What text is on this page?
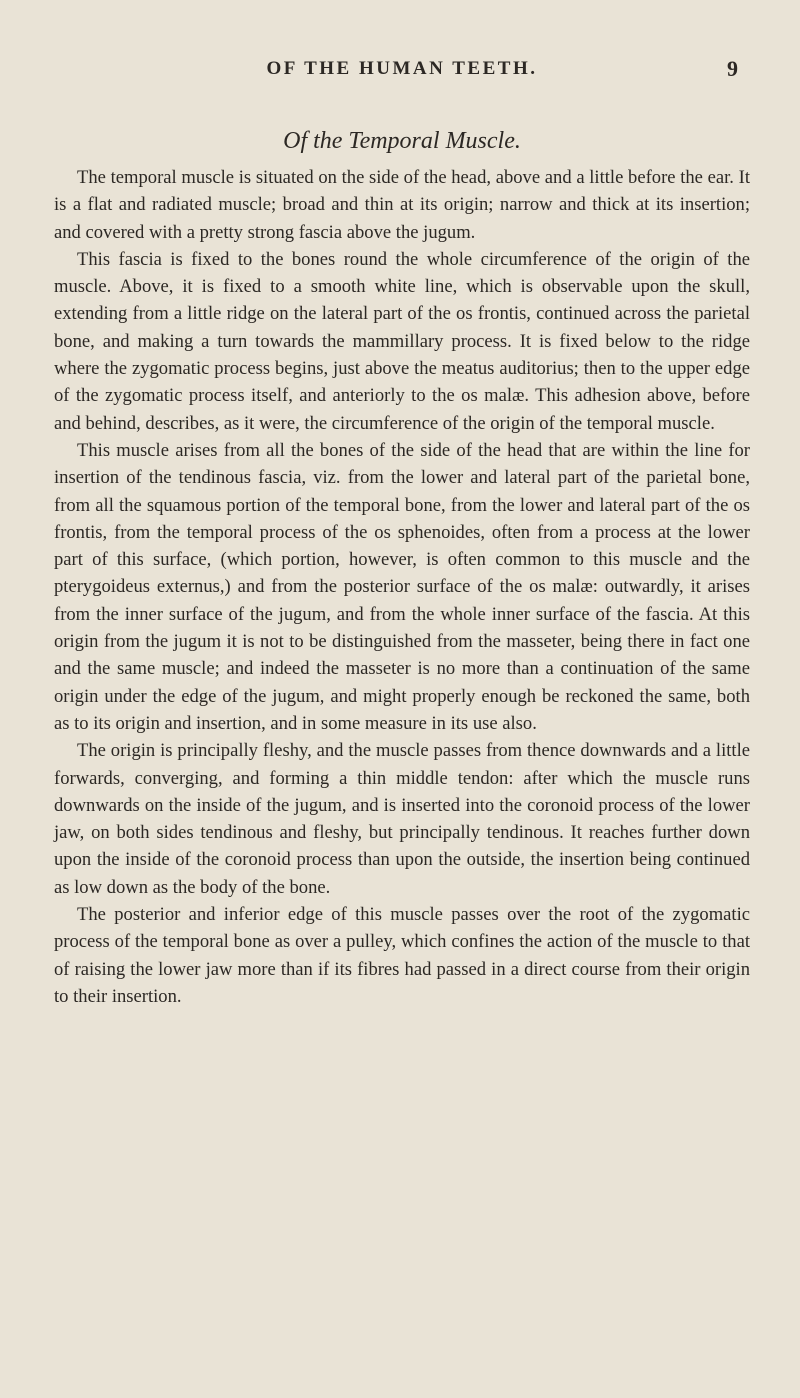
OF THE HUMAN TEETH.	9
Of the Temporal Muscle.

The temporal muscle is situated on the side of the head, above and a little before the ear. It is a flat and radiated muscle; broad and thin at its origin; narrow and thick at its insertion; and covered with a pretty strong fascia above the jugum.

This fascia is fixed to the bones round the whole circumference of the origin of the muscle. Above, it is fixed to a smooth white line, which is observable upon the skull, extending from a little ridge on the lateral part of the os frontis, continued across the parietal bone, and making a turn towards the mammillary process. It is fixed below to the ridge where the zygomatic process begins, just above the meatus auditorius; then to the upper edge of the zygomatic process itself, and anteriorly to the os malæ. This adhesion above, before and behind, describes, as it were, the circumference of the origin of the temporal muscle.

This muscle arises from all the bones of the side of the head that are within the line for insertion of the tendinous fascia, viz. from the lower and lateral part of the parietal bone, from all the squamous portion of the temporal bone, from the lower and lateral part of the os frontis, from the temporal process of the os sphenoides, often from a process at the lower part of this surface, (which portion, however, is often common to this muscle and the pterygoideus externus,) and from the posterior surface of the os malæ: outwardly, it arises from the inner surface of the jugum, and from the whole inner surface of the fascia. At this origin from the jugum it is not to be distinguished from the masseter, being there in fact one and the same muscle; and indeed the masseter is no more than a continuation of the same origin under the edge of the jugum, and might properly enough be reckoned the same, both as to its origin and insertion, and in some measure in its use also.

The origin is principally fleshy, and the muscle passes from thence downwards and a little forwards, converging, and forming a thin middle tendon: after which the muscle runs downwards on the inside of the jugum, and is inserted into the coronoid process of the lower jaw, on both sides tendinous and fleshy, but principally tendinous. It reaches further down upon the inside of the coronoid process than upon the outside, the insertion being continued as low down as the body of the bone.

The posterior and inferior edge of this muscle passes over the root of the zygomatic process of the temporal bone as over a pulley, which confines the action of the muscle to that of raising the lower jaw more than if its fibres had passed in a direct course from their origin to their insertion.
